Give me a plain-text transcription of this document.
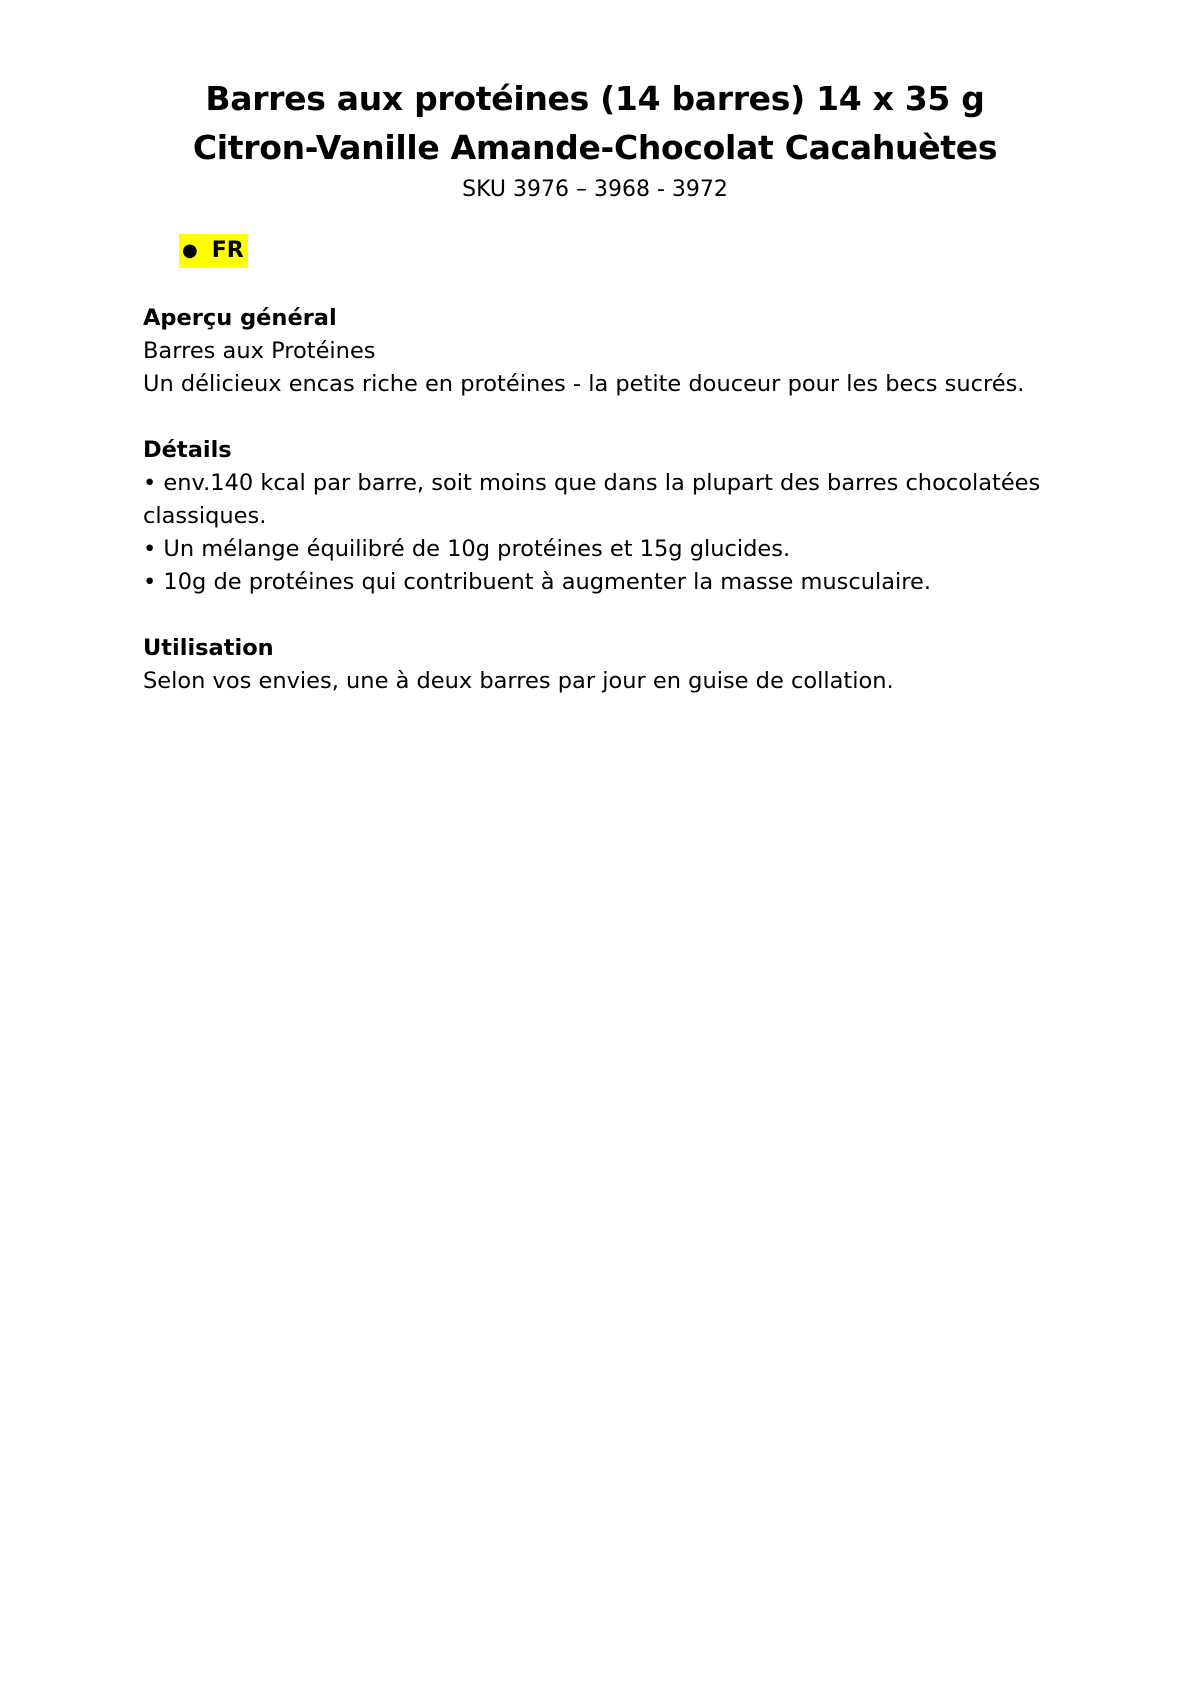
Barres aux protéines (14 barres) 14 x 35 g
Citron-Vanille Amande-Chocolat Cacahuètes
SKU 3976 – 3968 - 3972
● FR
Aperçu général
Barres aux Protéines
Un délicieux encas riche en protéines - la petite douceur pour les becs sucrés.
Détails
• env.140 kcal par barre, soit moins que dans la plupart des barres chocolatées classiques.
• Un mélange équilibré de 10g protéines et 15g glucides.
• 10g de protéines qui contribuent à augmenter la masse musculaire.
Utilisation
Selon vos envies, une à deux barres par jour en guise de collation.
